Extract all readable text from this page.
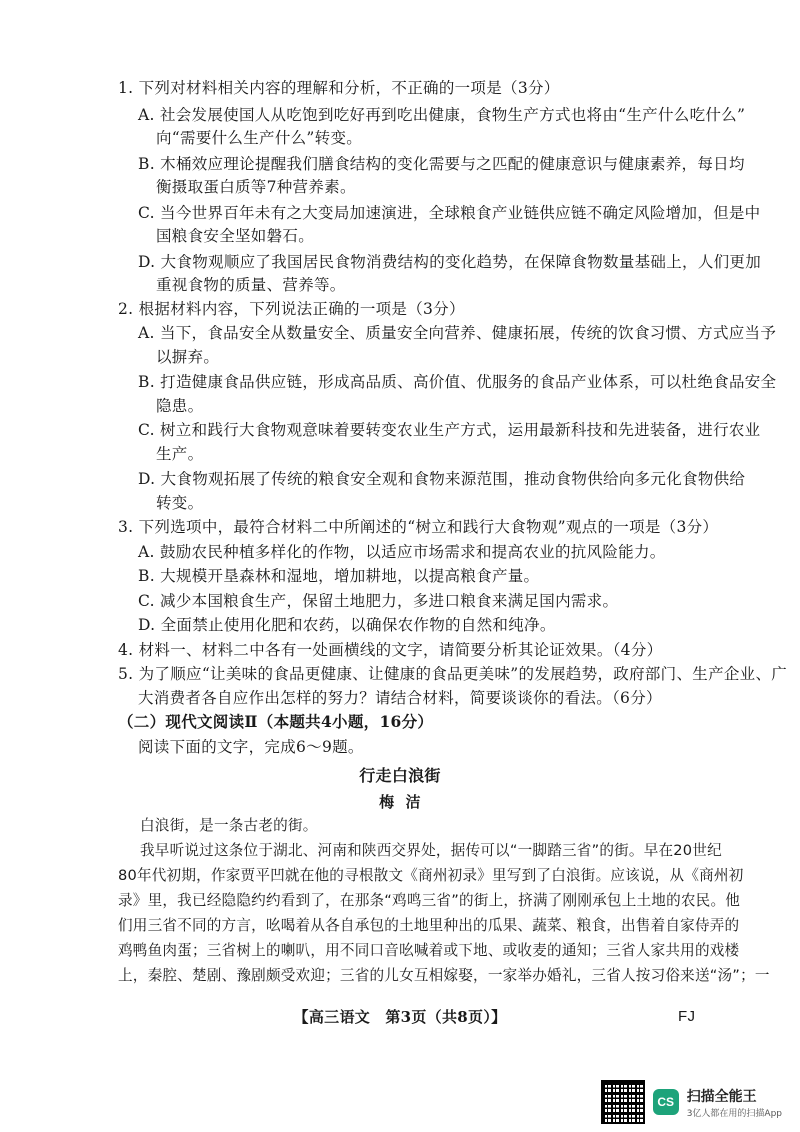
1. 下列对材料相关内容的理解和分析，不正确的一项是（3分）
A. 社会发展使国人从吃饱到吃好再到吃出健康，食物生产方式也将由“生产什么吃什么”
向“需要什么生产什么”转变。
B. 木桶效应理论提醒我们膳食结构的变化需要与之匹配的健康意识与健康素养，每日均
衡摄取蛋白质等7种营养素。
C. 当今世界百年未有之大变局加速演进，全球粮食产业链供应链不确定风险增加，但是中
国粮食安全坚如磐石。
D. 大食物观顺应了我国居民食物消费结构的变化趋势，在保障食物数量基础上，人们更加
重视食物的质量、营养等。
2. 根据材料内容，下列说法正确的一项是（3分）
A. 当下，食品安全从数量安全、质量安全向营养、健康拓展，传统的饮食习惯、方式应当予
以摒弃。
B. 打造健康食品供应链，形成高品质、高价值、优服务的食品产业体系，可以杜绝食品安全
隐患。
C. 树立和践行大食物观意味着要转变农业生产方式，运用最新科技和先进装备，进行农业
生产。
D. 大食物观拓展了传统的粮食安全观和食物来源范围，推动食物供给向多元化食物供给
转变。
3. 下列选项中，最符合材料二中所阐述的“树立和践行大食物观”观点的一项是（3分）
A. 鼓励农民种植多样化的作物，以适应市场需求和提高农业的抗风险能力。
B. 大规模开垦森林和湿地，增加耕地，以提高粮食产量。
C. 减少本国粮食生产，保留土地肥力，多进口粮食来满足国内需求。
D. 全面禁止使用化肥和农药，以确保农作物的自然和纯净。
4. 材料一、材料二中各有一处画横线的文字，请简要分析其论证效果。（4分）
5. 为了顺应“让美味的食品更健康、让健康的食品更美味”的发展趋势，政府部门、生产企业、广
大消费者各自应作出怎样的努力？请结合材料，简要谈谈你的看法。（6分）
（二）现代文阅读Ⅱ（本题共4小题，16分）
阅读下面的文字，完成6～9题。
行走白浪街
梅  洁
白浪街，是一条古老的街。
我早听说过这条位于湖北、河南和陕西交界处，据传可以“一脚踏三省”的街。早在20世纪
80年代初期，作家贾平凹就在他的寻根散文《商州初录》里写到了白浪街。应该说，从《商州初
录》里，我已经隐隐约约看到了，在那条“鸡鸣三省”的街上，挤满了刚刚承包上土地的农民。他
们用三省不同的方言，吆喝着从各自承包的土地里种出的瓜果、蔬菜、粮食，出售着自家侍弄的
鸡鸭鱼肉蛋；三省树上的喇叭，用不同口音吆喊着或下地、或收麦的通知；三省人家共用的戏楼
上，秦腔、楚剧、豫剧颇受欢迎；三省的儿女互相嫁娶，一家举办婚礼，三省人按习俗来送“汤”；一
【高三语文　第3页（共8页）】	FJ
CS 扫描全能王
3亿人都在用的扫描App
